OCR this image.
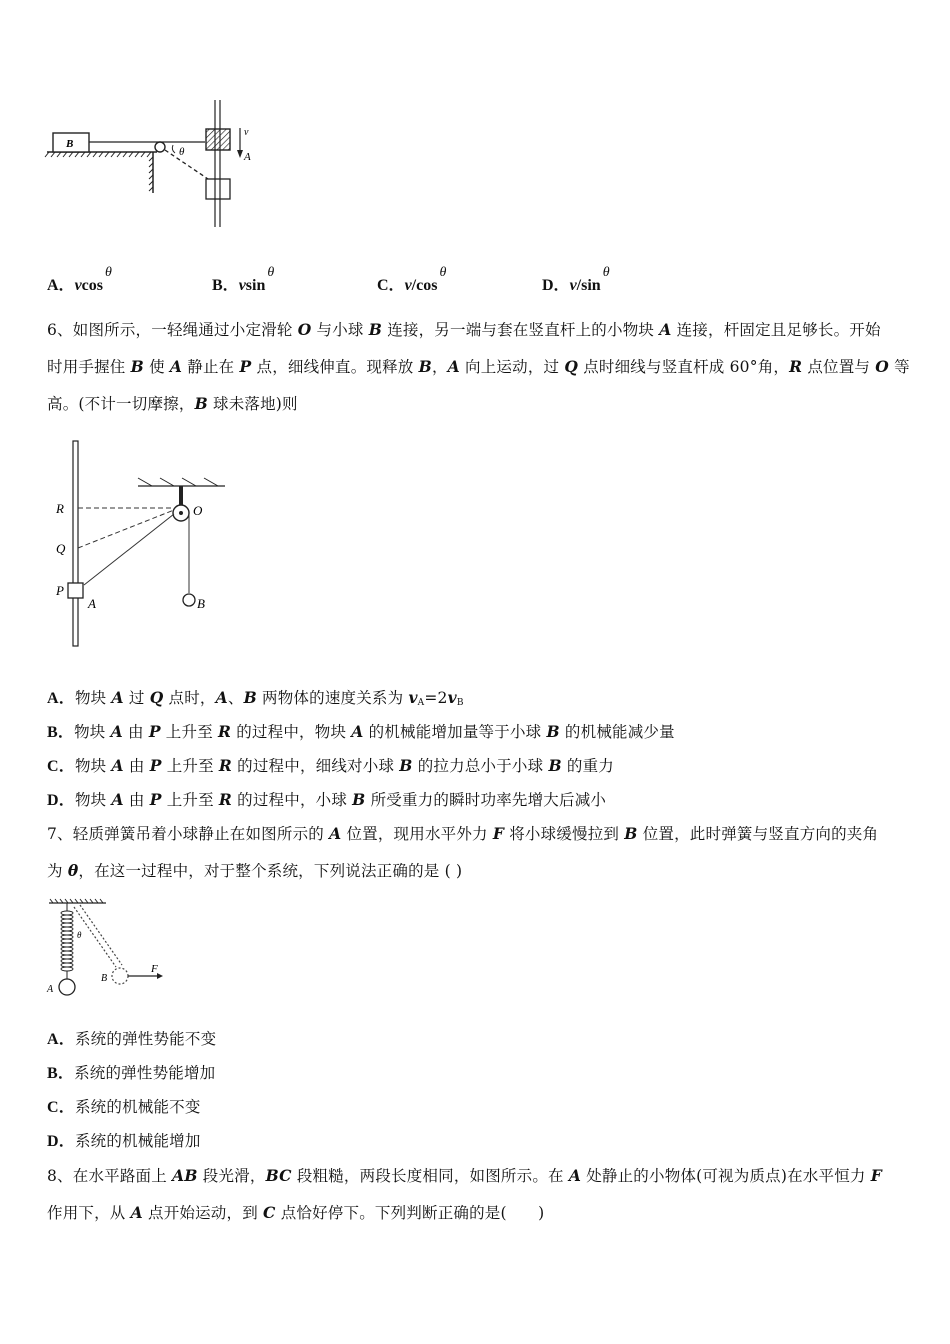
B
θ
v
A
A．vcosθ
B．vsinθ
C．v/cosθ
D．v/sinθ
6、如图所示，一轻绳通过小定滑轮 O 与小球 B 连接，另一端与套在竖直杆上的小物块 A 连接，杆固定且足够长。开始
时用手握住 B 使 A 静止在 P 点，细线伸直。现释放 B，A 向上运动，过 Q 点时细线与竖直杆成 60°角，R 点位置与 O 等
高。(不计一切摩擦，B 球未落地)则
R
Q
P
A
O
B
A．物块 A 过 Q 点时，A、B 两物体的速度关系为 $v_A=2v_B$
B．物块 A 由 P 上升至 R 的过程中，物块 A 的机械能增加量等于小球 B 的机械能减少量
C．物块 A 由 P 上升至 R 的过程中，细线对小球 B 的拉力总小于小球 B 的重力
D．物块 A 由 P 上升至 R 的过程中，小球 B 所受重力的瞬时功率先增大后减小
7、轻质弹簧吊着小球静止在如图所示的 A 位置，现用水平外力 F 将小球缓慢拉到 B 位置，此时弹簧与竖直方向的夹角
为 θ，在这一过程中，对于整个系统，下列说法正确的是 ( )
F
B
A
θ
A．系统的弹性势能不变
B．系统的弹性势能增加
C．系统的机械能不变
D．系统的机械能增加
8、在水平路面上 AB 段光滑，BC 段粗糙，两段长度相同，如图所示。在 A 处静止的小物体(可视为质点)在水平恒力 F
作用下，从 A 点开始运动，到 C 点恰好停下。下列判断正确的是(　　)
